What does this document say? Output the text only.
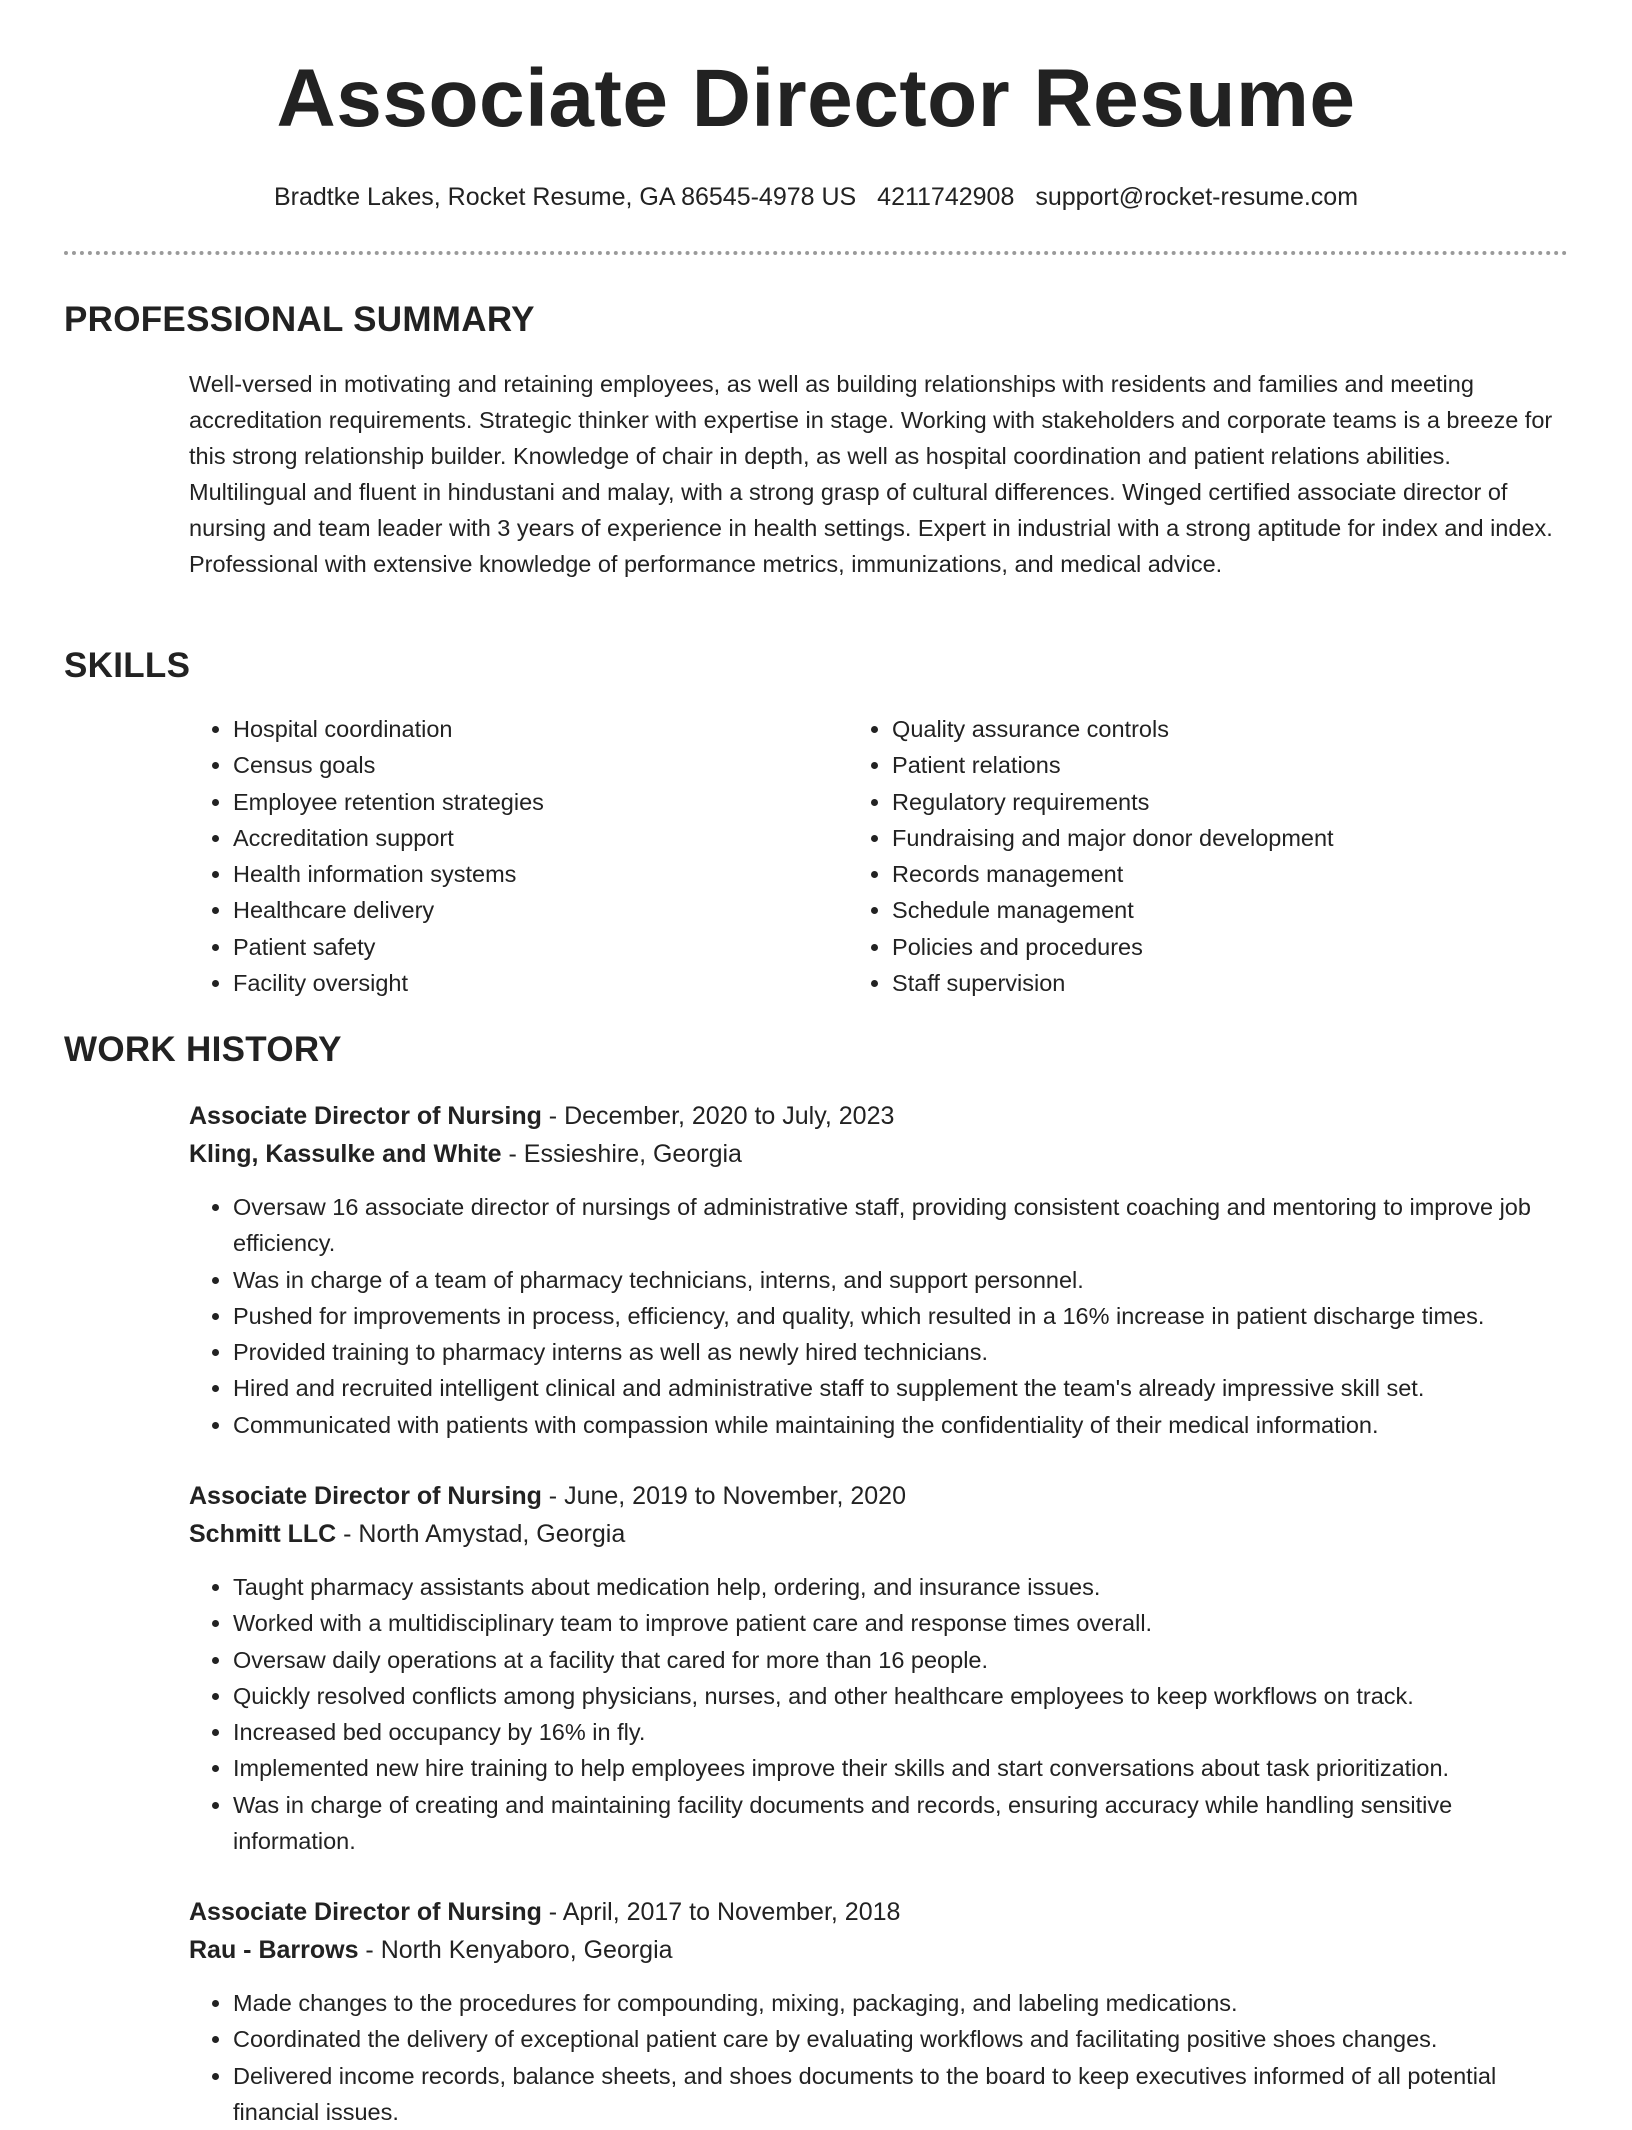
Associate Director Resume
Bradtke Lakes, Rocket Resume, GA 86545-4978 US 4211742908 support@rocket-resume.com
PROFESSIONAL SUMMARY

Well-versed in motivating and retaining employees, as well as building relationships with residents and families and meeting accreditation requirements. Strategic thinker with expertise in stage. Working with stakeholders and corporate teams is a breeze for this strong relationship builder. Knowledge of chair in depth, as well as hospital coordination and patient relations abilities. Multilingual and fluent in hindustani and malay, with a strong grasp of cultural differences. Winged certified associate director of nursing and team leader with 3 years of experience in health settings. Expert in industrial with a strong aptitude for index and index. Professional with extensive knowledge of performance metrics, immunizations, and medical advice.

SKILLS
• Hospital coordination
• Census goals
• Employee retention strategies
• Accreditation support
• Health information systems
• Healthcare delivery
• Patient safety
• Facility oversight
• Quality assurance controls
• Patient relations
• Regulatory requirements
• Fundraising and major donor development
• Records management
• Schedule management
• Policies and procedures
• Staff supervision
WORK HISTORY
Associate Director of Nursing - December, 2020 to July, 2023
Kling, Kassulke and White - Essieshire, Georgia
• Oversaw 16 associate director of nursings of administrative staff, providing consistent coaching and mentoring to improve job efficiency.
• Was in charge of a team of pharmacy technicians, interns, and support personnel.
• Pushed for improvements in process, efficiency, and quality, which resulted in a 16% increase in patient discharge times.
• Provided training to pharmacy interns as well as newly hired technicians.
• Hired and recruited intelligent clinical and administrative staff to supplement the team's already impressive skill set.
• Communicated with patients with compassion while maintaining the confidentiality of their medical information.
Associate Director of Nursing - June, 2019 to November, 2020
Schmitt LLC - North Amystad, Georgia
• Taught pharmacy assistants about medication help, ordering, and insurance issues.
• Worked with a multidisciplinary team to improve patient care and response times overall.
• Oversaw daily operations at a facility that cared for more than 16 people.
• Quickly resolved conflicts among physicians, nurses, and other healthcare employees to keep workflows on track.
• Increased bed occupancy by 16% in fly.
• Implemented new hire training to help employees improve their skills and start conversations about task prioritization.
• Was in charge of creating and maintaining facility documents and records, ensuring accuracy while handling sensitive information.
Associate Director of Nursing - April, 2017 to November, 2018
Rau - Barrows - North Kenyaboro, Georgia
• Made changes to the procedures for compounding, mixing, packaging, and labeling medications.
• Coordinated the delivery of exceptional patient care by evaluating workflows and facilitating positive shoes changes.
• Delivered income records, balance sheets, and shoes documents to the board to keep executives informed of all potential financial issues.
